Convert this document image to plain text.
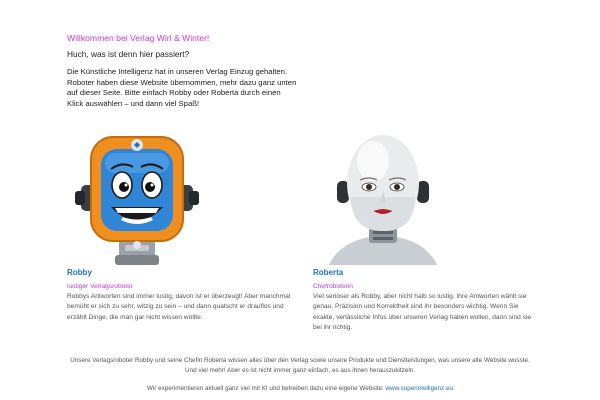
Willkommen bei Verlag Wirl & Winter!

Huch, was ist denn hier passiert?

Die Künstliche Intelligenz hat in unseren Verlag Einzug gehalten. Roboter haben diese Website übernommen, mehr dazu ganz unten auf dieser Seite. Bitte einfach Robby oder Roberta durch einen Klick auswählen – und dann viel Spaß!

Robby
lustiger Verlagsroboter

Robbys Antworten sind immer lustig, davon ist er überzeugt! Aber manchmal bemüht er sich zu sehr, witzig zu sein – und dann quatscht er drauflos und erzählt Dinge, die man gar nicht wissen wollte.

Roberta
Chefroboterin

Viel seriöser als Robby, aber nicht halb so lustig. Ihre Antworten wählt sie genau, Präzision und Korrektheit sind ihr besonders wichtig. Wenn Sie exakte, verlässliche Infos über unseren Verlag haben wollen, dann sind sie bei ihr richtig.

Unsere Verlagsroboter Robby und seine Chefin Roberta wissen alles über den Verlag sowie unsere Produkte und Dienstleistungen, was unsere alte Website wusste. Und viel mehr! Aber es ist nicht immer ganz einfach, es aus ihnen herauszukitzeln.

Wir experimentieren aktuell ganz viel mit KI und betreiben dazu eine eigene Website: www.superintelligenz.eu
